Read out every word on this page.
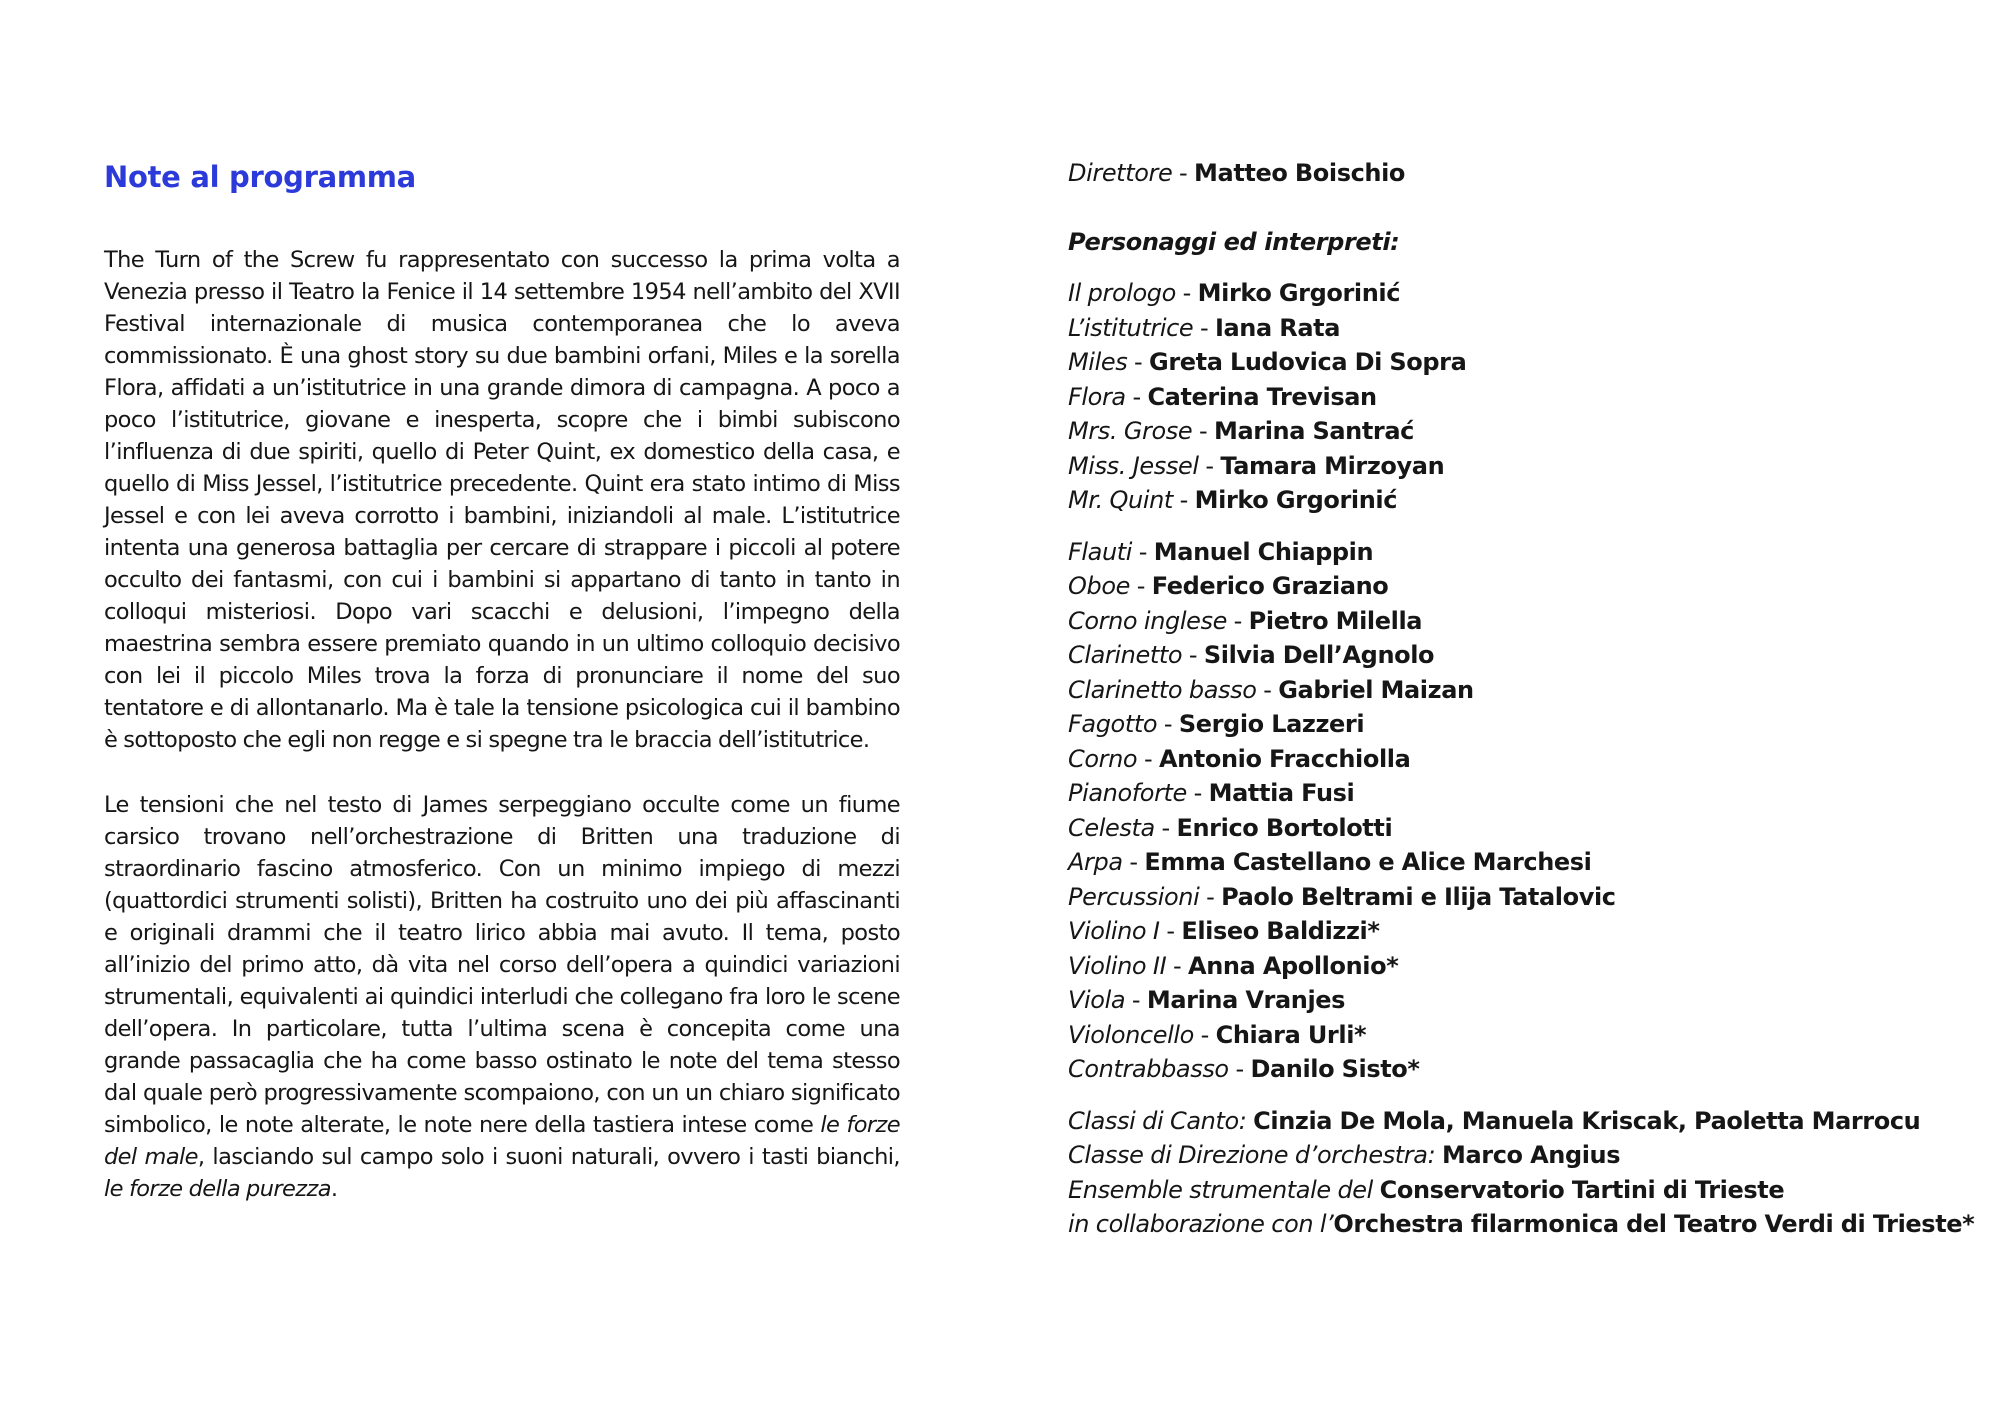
Note al programma

The Turn of the Screw fu rappresentato con successo la prima volta a Venezia presso il Teatro la Fenice il 14 settembre 1954 nell’ambito del XVII Festival internazionale di musica contemporanea che lo aveva commissionato. È una ghost story su due bambini orfani, Miles e la sorella Flora, affidati a un’istitutrice in una grande dimora di campagna. A poco a poco l’istitutrice, giovane e inesperta, scopre che i bimbi subiscono l’influenza di due spiriti, quello di Peter Quint, ex domestico della casa, e quello di Miss Jessel, l’istitutrice precedente. Quint era stato intimo di Miss Jessel e con lei aveva corrotto i bambini, iniziandoli al male. L’istitutrice intenta una generosa battaglia per cercare di strappare i piccoli al potere occulto dei fantasmi, con cui i bambini si appartano di tanto in tanto in colloqui misteriosi. Dopo vari scacchi e delusioni, l’impegno della maestrina sembra essere premiato quando in un ultimo colloquio decisivo con lei il piccolo Miles trova la forza di pronunciare il nome del suo tentatore e di allontanarlo. Ma è tale la tensione psicologica cui il bambino è sottoposto che egli non regge e si spegne tra le braccia dell’istitutrice.

Le tensioni che nel testo di James serpeggiano occulte come un fiume carsico trovano nell’orchestrazione di Britten una traduzione di straordinario fascino atmosferico. Con un minimo impiego di mezzi (quattordici strumenti solisti), Britten ha costruito uno dei più affascinanti e originali drammi che il teatro lirico abbia mai avuto. Il tema, posto all’inizio del primo atto, dà vita nel corso dell’opera a quindici variazioni strumentali, equivalenti ai quindici interludi che collegano fra loro le scene dell’opera. In particolare, tutta l’ultima scena è concepita come una grande passacaglia che ha come basso ostinato le note del tema stesso dal quale però progressivamente scompaiono, con un un chiaro significato simbolico, le note alterate, le note nere della tastiera intese come le forze del male, lasciando sul campo solo i suoni naturali, ovvero i tasti bianchi, le forze della purezza.

Direttore - Matteo Boischio
Personaggi ed interpreti:
Il prologo - Mirko Grgorinić
L’istitutrice - Iana Rata
Miles - Greta Ludovica Di Sopra
Flora - Caterina Trevisan
Mrs. Grose - Marina Santrać
Miss. Jessel - Tamara Mirzoyan
Mr. Quint - Mirko Grgorinić
Flauti - Manuel Chiappin
Oboe - Federico Graziano
Corno inglese - Pietro Milella
Clarinetto - Silvia Dell’Agnolo
Clarinetto basso - Gabriel Maizan
Fagotto - Sergio Lazzeri
Corno - Antonio Fracchiolla
Pianoforte - Mattia Fusi
Celesta - Enrico Bortolotti
Arpa - Emma Castellano e Alice Marchesi
Percussioni - Paolo Beltrami e Ilija Tatalovic
Violino I - Eliseo Baldizzi*
Violino II - Anna Apollonio*
Viola - Marina Vranjes
Violoncello - Chiara Urli*
Contrabbasso - Danilo Sisto*
Classi di Canto: Cinzia De Mola, Manuela Kriscak, Paoletta Marrocu
Classe di Direzione d’orchestra: Marco Angius
Ensemble strumentale del Conservatorio Tartini di Trieste
in collaborazione con l’Orchestra filarmonica del Teatro Verdi di Trieste*
